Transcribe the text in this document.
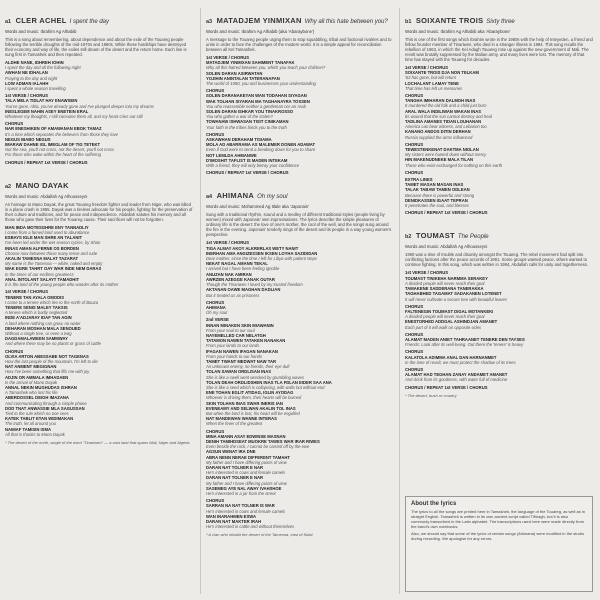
a1 CLER ACHEL I spent the day
Words and music: Ibrahim Ag Alhabib
This is a song about remembering, about dependence and about the exile of the Touareg people following the terrible droughts of the mid-1970s and 1980s. While these hardships have destroyed their economy and way of life, the exiles still dream of the desert and the return home. Each line is sung first in Tamashek and then repeated.
ALDHE NANE, IDHREH IOHIN
I spent the day and all the following night
AWHAN NE IDHALAN
Praying to the day and night
LOW ADMAN IALAHH
I spent a whole season travelling
1st VERSE / CHORUS
TALA MELA TIDLAT HAY ENAWSEIN
You've gone, Ahla, you've already gone and I've plunged deeper into my dreams
INESLEGEM NAHIN ASEY ENETEIN ERAL
Whatever my thoughts, I still consume them all, and my heart cries out still
CHORUS
NAR ENESHIKEN OF AMAWANAN EBOK TAMAZ
It's a time which separates the believers from those they love
NEGUS IBABO NEGUS
IMARAW DAHNE IGL IMEGLAM OF TIG TETEKT
Not the sea, you'll not cross, not the desert, you'll not cross
For those who wake within the heart of the suffering
CHORUS / REPEAT 1st VERSE / CHORUS
a2 MANO DAYAK
Words and music: Abdallah Ag Alhousseyni
An homage to Mano Dayak, the great Touareg freedom fighter and leader from Niger, who was killed in a plane crash in 1995. Dayak was a tireless advocate for his people, fighting for the preservation of their culture and traditions, and for peace and independence. Abdallah salutes his memory and all those who gave their lives for the Touareg cause. Their sacrifices will not be forgotten.
MAN IBDA MOTESGHRE ENY TANNADLIY
I come from a famed land used to abundance
ESBAYS IGLE MAN SHRE AN TALANIT
I've been led under the wet season cycles, by Shan
INNAS AMAN ALFERNE OS BORDEN
Choose now between those many tense and rude
AKALIN TAMESNA MALAT TAZARAT
My name is the Tamesna — white, naked and empty
WAK EGRE TAHRT OAY WAR INDE NEM DARAS
In the times of our endless greatness
ANAL INTOLANT SALAYT TAMADHIT
It is the land of the young people who wander after its mother
1st VERSE / CHORUS
TENERE TAN AYALA OMODIS
I come to a tenere which lies to the north of Bouza
TENERE SENIS MALEY TAKSIS
A tenere which is badly neglected
INDE A'ADJARAY IDAF TAN AGIN
A land where nothing can grow, no water
DEHARAN MOSHAN MALA SENOUED
Without a single tree, or even a twig
DAGDAMALAWEEN SAMMWAY
And where there may be no plants or grass of cattle
CHORUS
OLVIA ARTON ABESSABE NOT TAGENAS
How the last people of the mountain, I'm left to die
NAT ANMENT MEGIGNAN
How I've been something that fills me with joy
ADJIN OR AMMALA IMHADAEN
Is the arrival of Mano Dayak
ANNAL NEKIN MUGHUDAS ISHRAN
A Tamashek who lost his life
ABERDOSSEL DEIGH IMAZANA
And communicating through a simple phone
DOD TNAT ANWASSIE MLA SAGUSSAN
Tied to the rule which no one sees
KATEK TABLIT ETAN WIDIMAKAN
The truth, let all around you
NAIMAF TAMISIN ISMA
All that is thanks to Mano Dayak
* The desert of the north, single of the word "Tinariwen" — a vast land that spans Mali, Niger and Algeria
a3 MATADJEM YINMIXAN Why all this hate between you?
Words and music: Ibrahim Ag Alhabib (aka 'Abaraybone')
A message to the Touareg people urging them to stop squabbling, tribal and factional rivalries and to unite in order to face the challenges of the modern world. It is a simple appeal for reconciliation between all Kel Tamashek.
1st VERSE / CHORUS
MATADJEM YINMIXAN SAHIMENT TANAFAK
Why all this hatred between you, which you teach your children?
SOLEN DARAN ASIRWATAN
YOJIHIN ANINTALAN TATERANAFAN
The world of 1980, you and businesses your understanding
CHORUS
SOLEN DARANAKEYAN WAN TODAHAN SIYAGAN
WAK TOLHAN SIYARAN MA TAGHANAYRA TOSSEN
You who reassemble neither a gentleman nor an Arab
SOLEN DARAN ISHKAR YOU TINAKROSSO
You who gather a war of the stolen?
TOWANAW ISHWASAN TISIT CINIKAMAN
Your faith in the tribes binds you to the truth
CHORUS
ASKAWHAN DERAHAM TISIAMA
MOLA AD ABARRAMA AS MALEMER DONEN ADAWAT
Even if God were to send a breaking down for you to share
NOT LEMLDA AHMANWE
D'IMOSHIT TAFLIST IS MADEN INTEKAM
With a friend, they will only betray your confidence
CHORUS / REPEAT 1st VERSE / CHORUS
a4 AHIMANA Oh my soul
Words and music: Mohammed Ag Itlale aka 'Japonais'
Sung with a traditional rhythm, sound and a medley of different traditional styles (people living by women) mixed with Japonais' own improvisations. The lyrics describe the simple pleasures of ordinary life in the desert: the love of one's mother, the cool of the well, and the songs sung around the fire in the evening. Japonais' tenderly sings of the desert and its people in a way young women's perspective.
1st VERSE / CHORUS
TIGA ALMAY AKOY ALKRERLAS WETY NANIT
INERHAN AMA ANGIZESSEN IKSEN LOYHA SAZIDIDAN
Dear mother, since the time I left for Libya with patient steps
NEKAT NAGAL AMANN TEKAL
I arrived but I have been feeling ignoble
ANUZAN NAK AMIRAN
AWRZEN AZEGGE KANAK OUTAR
Though the Tinariwen I loved by my trusted freedom
AKTANAN OAWE MAGHAN DADLIAN
But it treated us as prisoners
CHORUS
AHIMANA
Oh my soul
2nd VERSE
INNAN MINAKEN SKIN MIAWANIN
From your soul to our soul
NAYEMELLED CAR NELATGH
TATAMON NAWEN TATAKEN NANAKAN
From your lands to our lands
IFAGAN NAWEN IFAGAN NANAKAN
From your hands to our hands
TAMET TWANT MEDWAT NAW TAR
An unknown enemy, no friends, their eye dull
TOLAN SAWAN ORDLISAN INAS
She is like a swell went wrecked by grumbling waves
TOLAN DEAH ORDLIDSHEN INAS TLA FDLAN EIDER SAA ANA
She is like a seed which is collapsing, with walls but without end
ENE TOHAN EGLIT ATIDAG, IGLIN AYODAG
Whoever is driving them, their hearts will be burned
SKIN TOLHAN INAS SWAR INERIS IAN
EVENEAMY AND SELWAN AKALIN TOL INAS
But when the land is lost, his heart will be engulfed
NAT MANDEWAN WANNE INTERAS
When the fever of the greatest
CHORUS
MINA AMANN ASAY EDWINSE MASNAN
DENIH TAMIHDSEAT MUOKRE TAWES WAR IRAR RIWES
Even beside the rock, I cannot be carried off by the ewe
AGSUN WENAT IRA DNE
ABRA NENN NERAE DIFFERENT TAMAHT
My father and I have differing points of view
DARAN NAT TOLNER E NAR
He's interested in cows and female camels
DARAN NAT TOLNER E NAR
My father and I have differing points of view
SASEMEG AYE NAL AWAY IVAHSHOE
He's interested in a jar from the street
CHORUS
SARRAN NA NAT TOLNER IS WAR
He's interested in cows and female camels
WAN INARAHMEN ESWA
DARAN NAT MAKTER IRAH
He's interested in cattle and without themselves
* A clan who inhabit the desert of the Tamesna, east of Kidal
b1 SOIXANTE TROIS Sixty three
Words and music: Ibrahim Ag Alhabib aka 'Abaraybone'
This is one of the first songs which Ibrahim wrote in the 1980s with the help of Inteyeden, a friend and fellow founder member of Tinariwen, who died in a stranger illness in 1994. This song recalls the rebellion of 1963, in which the Kel Adagh Touareg rose up against the new government of Mali. The revolt was brutally suppressed by the Malian army, and many lives were lost. The memory of that time has stayed with the Touareg for decades.
1st VERSE / CHORUS
SOIXANTE TROIS DJA NON TELKAM
'63 has gone, but will return
LOCHALANT LAMAY TENE
That time has left us memories
CHORUS
TANGHA IMIHARAN DALMOH INAS
It murdered the old folk and a child just born
ARAL WALA INDILIWAN WAKAN INAS
Its wound that the sun cannot destroy and heal
TADLINA AMANES TIDAN LOUHANAN
America can bear witness, and Lebanon too
KANANO ANDOS DITIN DERHAN
Russia supplied the arms influenced
CHORUS
TEWESTENKENAT DAKTMA NIOLAN
My sisters were hunted down without mercy
HIN MAKENUDNEKE MALA TILAN
Those who exist exchanged for nothing on this earth
CHORUS
EXTRA LINES
TAMET MASAN MASAN INAS
TALAK TABAW TAMEN ODLEAN
Because there is powerful and strong
DENIDKASSEN IGAAT TEPRAN
It penetrates the soul, and blesses
CHORUS / REPEAT 1st VERSE / CHORUS
b2 TOUMAST The People
Words and music: Abdallah Ag Alhousseyni
1990 was a time of trouble and disunity amongst the Touareg. The rebel movement had split into conflicting factions after the peace accords of 1991. Some groups wanted peace, others wanted to continue fighting. In this song, which was written in 1994, Abdallah calls for unity and togetherness.
1st VERSE / CHORUS
TOUMAST TINIKEHA NARMMA SERAKEY
A divided people will never reach their goal
TAMAKENE SADDERANA TANERAKKA
TAGHABHED TAGAMAT SADAKANEN LOTENET
It will never cultivate a secure tree with beautiful leaves
CHORUS
FALTENEGIN TOUMAST DIGAL MOTANKEKI
A divided people will never reach their goal
ENESTORHED ADDGAL ASHINDJAN AMANET
Each part of it will walk on opposite sides
CHORUS
ALAMAT MADEN ANIET TAHRAANET TENERE DEN TAYSES
Friends: Look after its well-being. Out there the 'tenere' is heavy
CHORUS
KALATOLA ADIMMA ANAL DAN HARNANMET
In the time of revolt, we must protect the shadow of its trees
CHORUS
ALAMAT HAD TEGHAN ZANAY ANDAMET AMANET
And drink from its goodness, with water full of medicine
CHORUS / REPEAT 1st VERSE / CHORUS
* The desert, bush or country
About the lyrics

The lyrics to all the songs are printed here in Tamashek, the language of the Touareg, as well as in straight English. Tamashek is written in its own ancient script called Tifinagh, but it is also commonly transcribed in the Latin alphabet. The transcriptions used here were made directly from the band's own notebooks.

Also, we should say that some of the lyrics of certain songs (Ahimana) were modified in the studio during recording. We apologise for any errors.
